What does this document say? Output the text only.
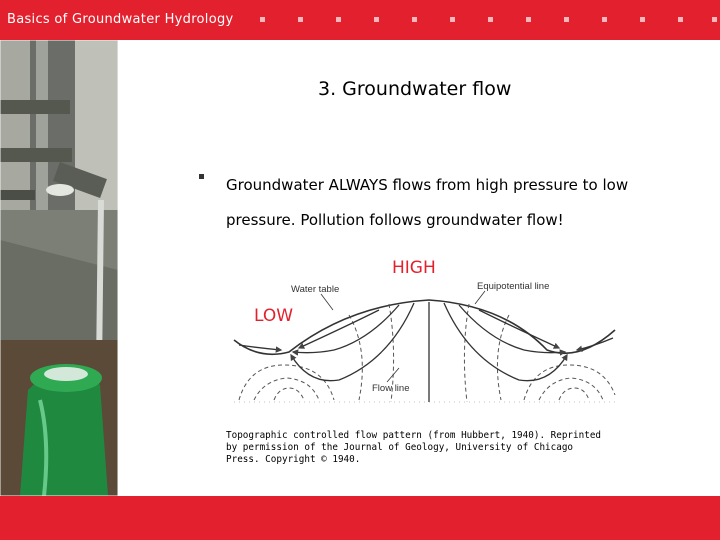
Basics of Groundwater Hydrology
3. Groundwater flow
Groundwater ALWAYS flows from high pressure to low pressure. Pollution follows groundwater flow!
Water table	Equipotential line
Flow line
HIGH
LOW
Topographic controlled flow pattern (from Hubbert, 1940). Reprinted by permission of the Journal of Geology, University of Chicago Press. Copyright © 1940.
